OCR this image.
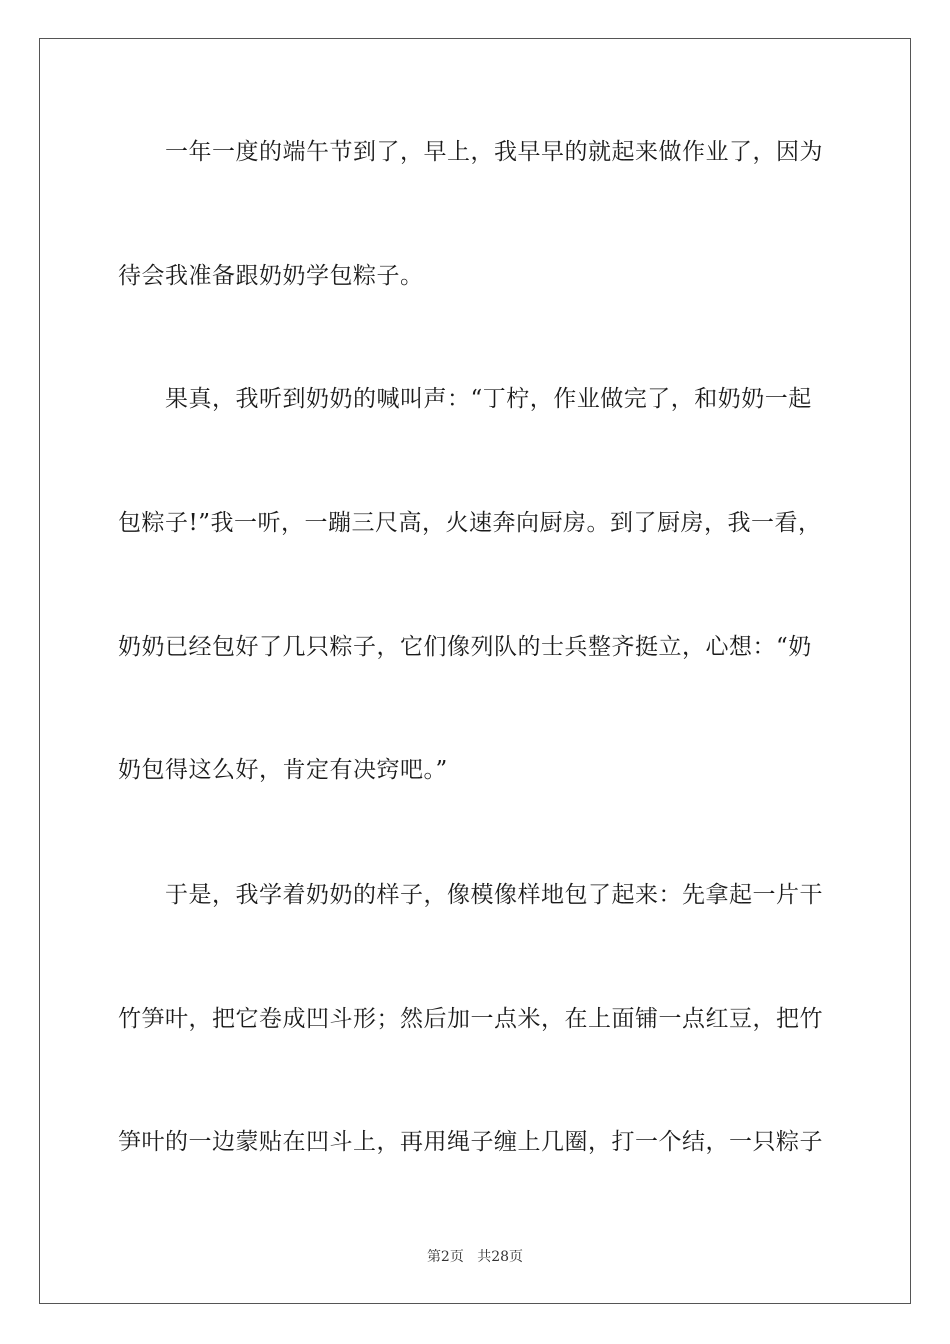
一年一度的端午节到了，早上，我早早的就起来做作业了，因为
待会我准备跟奶奶学包粽子。
果真，我听到奶奶的喊叫声：“丁柠，作业做完了，和奶奶一起
包粽子!”我一听，一蹦三尺高，火速奔向厨房。到了厨房，我一看，
奶奶已经包好了几只粽子，它们像列队的士兵整齐挺立，心想：“奶
奶包得这么好，肯定有决窍吧。”
于是，我学着奶奶的样子，像模像样地包了起来：先拿起一片干
竹笋叶，把它卷成凹斗形；然后加一点米，在上面铺一点红豆，把竹
笋叶的一边蒙贴在凹斗上，再用绳子缠上几圈，打一个结，一只粽子
第2页 共28页
